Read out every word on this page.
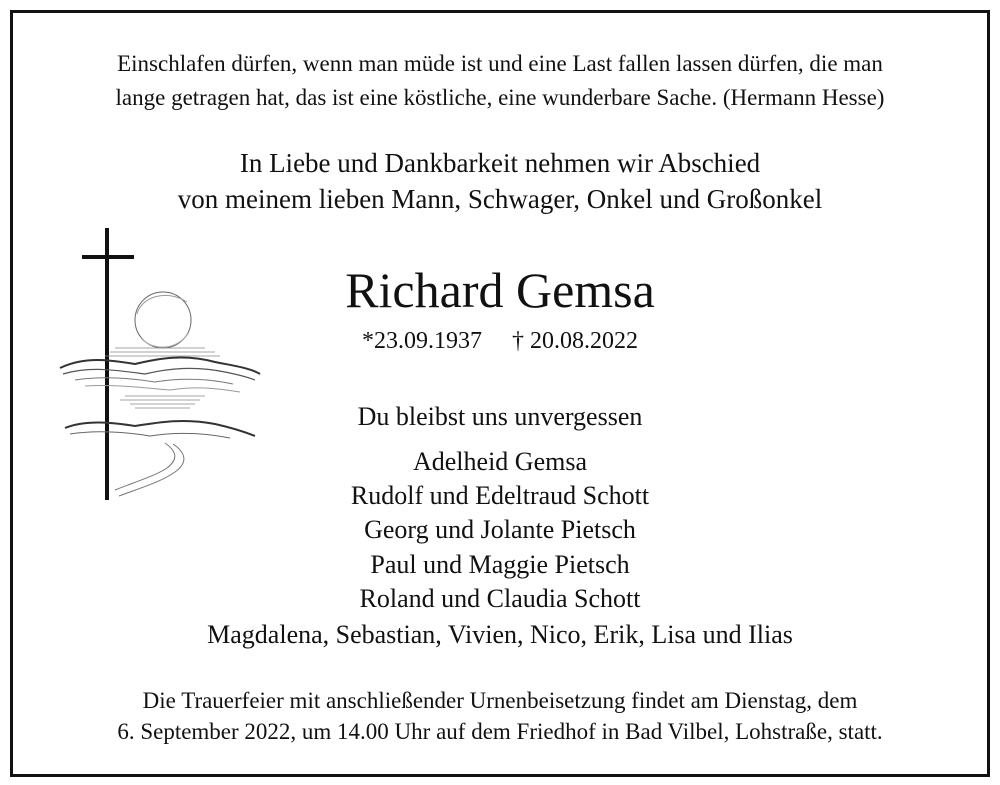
Einschlafen dürfen, wenn man müde ist und eine Last fallen lassen dürfen, die man
lange getragen hat, das ist eine köstliche, eine wunderbare Sache. (Hermann Hesse)
In Liebe und Dankbarkeit nehmen wir Abschied
von meinem lieben Mann, Schwager, Onkel und Großonkel
Richard Gemsa
*23.09.1937 † 20.08.2022
Du bleibst uns unvergessen
Adelheid Gemsa
Rudolf und Edeltraud Schott
Georg und Jolante Pietsch
Paul und Maggie Pietsch
Roland und Claudia Schott
Magdalena, Sebastian, Vivien, Nico, Erik, Lisa und Ilias
Die Trauerfeier mit anschließender Urnenbeisetzung findet am Dienstag, dem
6. September 2022, um 14.00 Uhr auf dem Friedhof in Bad Vilbel, Lohstraße, statt.
